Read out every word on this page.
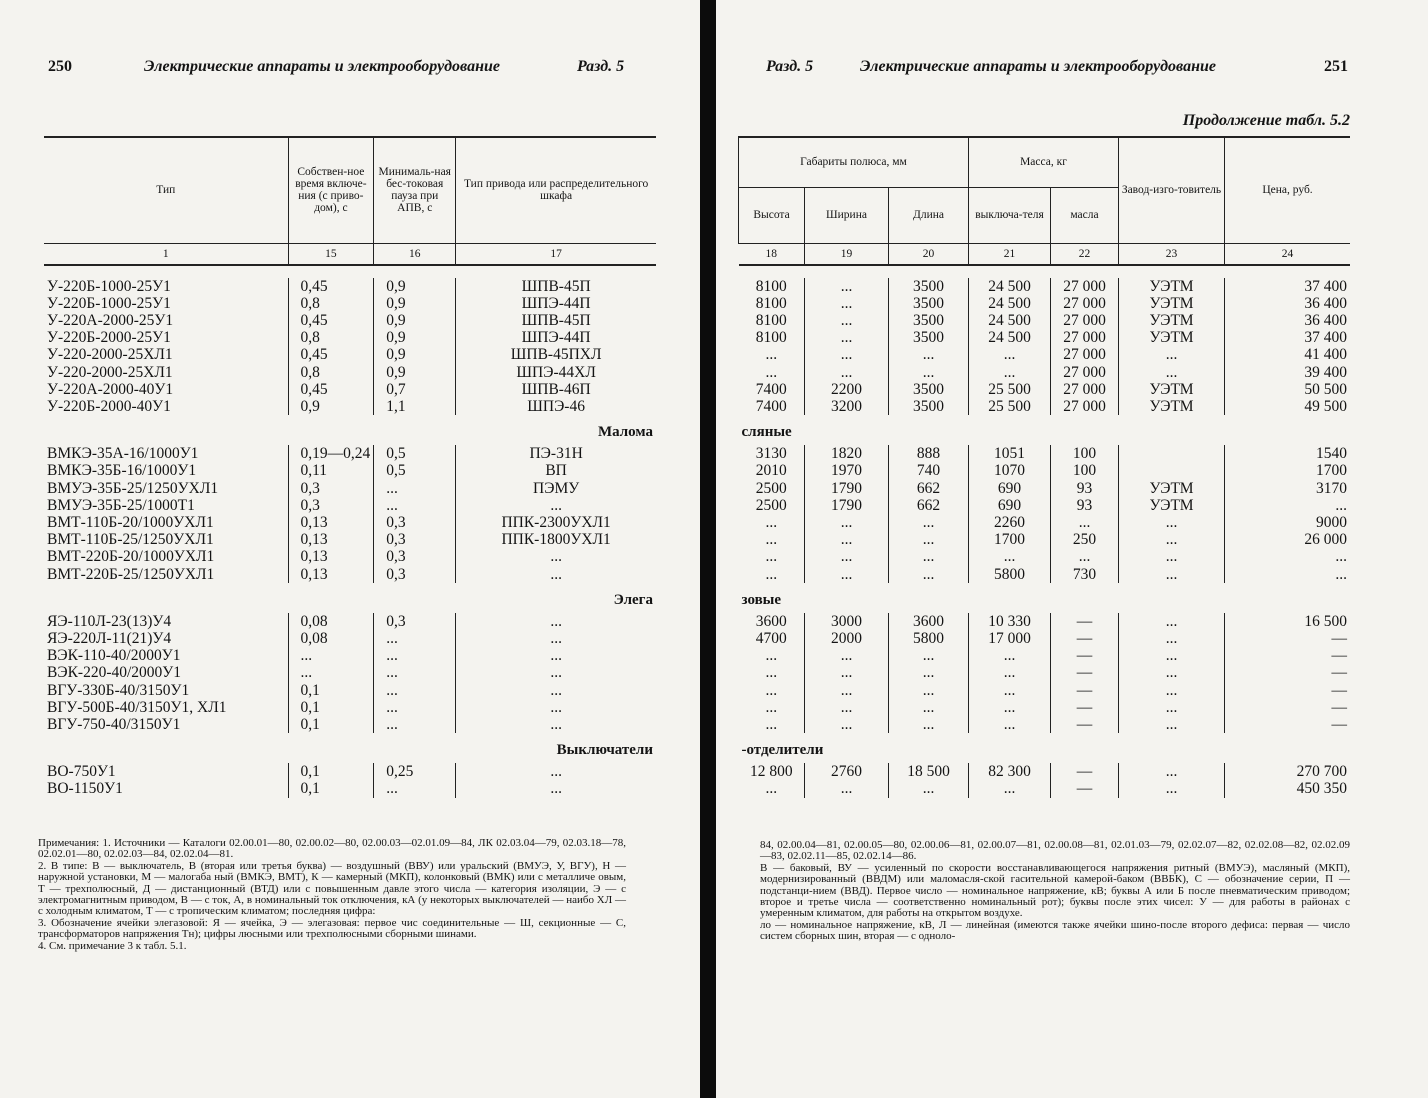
250	Электрические аппараты и электрооборудование	Разд. 5
Тип	Собствен-ное время включе-ния (с приво-дом), с	Минималь-ная бес-токовая пауза при АПВ, с	Тип привода или распределительного шкафа
1	15	16	17

У-220Б-1000-25У1	0,45	0,9	ШПВ-45П
У-220Б-1000-25У1	0,8	0,9	ШПЭ-44П
У-220А-2000-25У1	0,45	0,9	ШПВ-45П
У-220Б-2000-25У1	0,8	0,9	ШПЭ-44П
У-220-2000-25ХЛ1	0,45	0,9	ШПВ-45ПХЛ
У-220-2000-25ХЛ1	0,8	0,9	ШПЭ-44ХЛ
У-220А-2000-40У1	0,45	0,7	ШПВ-46П
У-220Б-2000-40У1	0,9	1,1	ШПЭ-46
Малома			
ВМКЭ-35А-16/1000У1	0,19—0,24	0,5	ПЭ-31Н
ВМКЭ-35Б-16/1000У1	0,11	0,5	ВП
ВМУЭ-35Б-25/1250УХЛ1	0,3	...	ПЭМУ
ВМУЭ-35Б-25/1000Т1	0,3	...	...
ВМТ-110Б-20/1000УХЛ1	0,13	0,3	ППК-2300УХЛ1
ВМТ-110Б-25/1250УХЛ1	0,13	0,3	ППК-1800УХЛ1
ВМТ-220Б-20/1000УХЛ1	0,13	0,3	...
ВМТ-220Б-25/1250УХЛ1	0,13	0,3	...
Элега			
ЯЭ-110Л-23(13)У4	0,08	0,3	...
ЯЭ-220Л-11(21)У4	0,08	...	...
ВЭК-110-40/2000У1	...	...	...
ВЭК-220-40/2000У1	...	...	...
ВГУ-330Б-40/3150У1	0,1	...	...
ВГУ-500Б-40/3150У1, ХЛ1	0,1	...	...
ВГУ-750-40/3150У1	0,1	...	...
Выключатели			
ВО-750У1	0,1	0,25	...
ВО-1150У1	0,1	...	...

Примечания: 1. Источники — Каталоги 02.00.01—80, 02.00.02—80, 02.00.03—02.01.09—84, ЛК 02.03.04—79, 02.03.18—78, 02.02.01—80, 02.02.03—84, 02.02.04—81.

2. В типе: В — выключатель, В (вторая или третья буква) — воздушный (ВВУ) или уральский (ВМУЭ, У, ВГУ), Н — наружной установки, М — малогаба ный (ВМКЭ, ВМТ), К — камерный (МКП), колонковый (ВМК) или с металличе овым, Т — трехполюсный, Д — дистанционный (ВТД) или с повышенным давле этого числа — категория изоляции, Э — с электромагнитным приводом, В — с ток, А, в номинальный ток отключения, кА (у некоторых выключателей — наибо ХЛ — с холодным климатом, Т — с тропическим климатом; последняя цифра:

3. Обозначение ячейки элегазовой: Я — ячейка, Э — элегазовая: первое чис соединительные — Ш, секционные — С, трансформаторов напряжения Тн); цифры люсными или трехполюсными сборными шинами.

4. См. примечание 3 к табл. 5.1.

Разд. 5	Электрические аппараты и электрооборудование	251
Продолжение табл. 5.2
Габариты полюса, мм			Масса, кг		Завод-изго-товитель	Цена, руб.
Высота	Ширина	Длина	выключа-теля	масла		
18	19	20	21	22	23	24

8100	...	3500	24 500	27 000	УЭТМ	37 400
8100	...	3500	24 500	27 000	УЭТМ	36 400
8100	...	3500	24 500	27 000	УЭТМ	36 400
8100	...	3500	24 500	27 000	УЭТМ	37 400
...	...	...	...	27 000	...	41 400
...	...	...	...	27 000	...	39 400
7400	2200	3500	25 500	27 000	УЭТМ	50 500
7400	3200	3500	25 500	27 000	УЭТМ	49 500
сляные						
3130	1820	888	1051	100		1540
2010	1970	740	1070	100		1700
2500	1790	662	690	93	УЭТМ	3170
2500	1790	662	690	93	УЭТМ	...
...	...	...	2260	...	...	9000
...	...	...	1700	250	...	26 000
...	...	...	...	...	...	...
...	...	...	5800	730	...	...
зовые						
3600	3000	3600	10 330	—	...	16 500
4700	2000	5800	17 000	—	...	—
...	...	...	...	—	...	—
...	...	...	...	—	...	—
...	...	...	...	—	...	—
...	...	...	...	—	...	—
...	...	...	...	—	...	—
-отделители						
12 800	2760	18 500	82 300	—	...	270 700
...	...	...	...	—	...	450 350

84, 02.00.04—81, 02.00.05—80, 02.00.06—81, 02.00.07—81, 02.00.08—81, 02.01.03—79, 02.02.07—82, 02.02.08—82, 02.02.09—83, 02.02.11—85, 02.02.14—86.

В — баковый, ВУ — усиленный по скорости восстанавливающегося напряжения ритный (ВМУЭ), масляный (МКП), модернизированный (ВВДМ) или маломасля-ской гасительной камерой-баком (ВВБК), С — обозначение серии, П — подстанци-нием (ВВД). Первое число — номинальное напряжение, кВ; буквы А или Б после пневматическим приводом; второе и третье числа — соответственно номинальный рот); буквы после этих чисел: У — для работы в районах с умеренным климатом, для работы на открытом воздухе.

ло — номинальное напряжение, кВ, Л — линейная (имеются также ячейки шино-после второго дефиса: первая — число систем сборных шин, вторая — с одноло-
